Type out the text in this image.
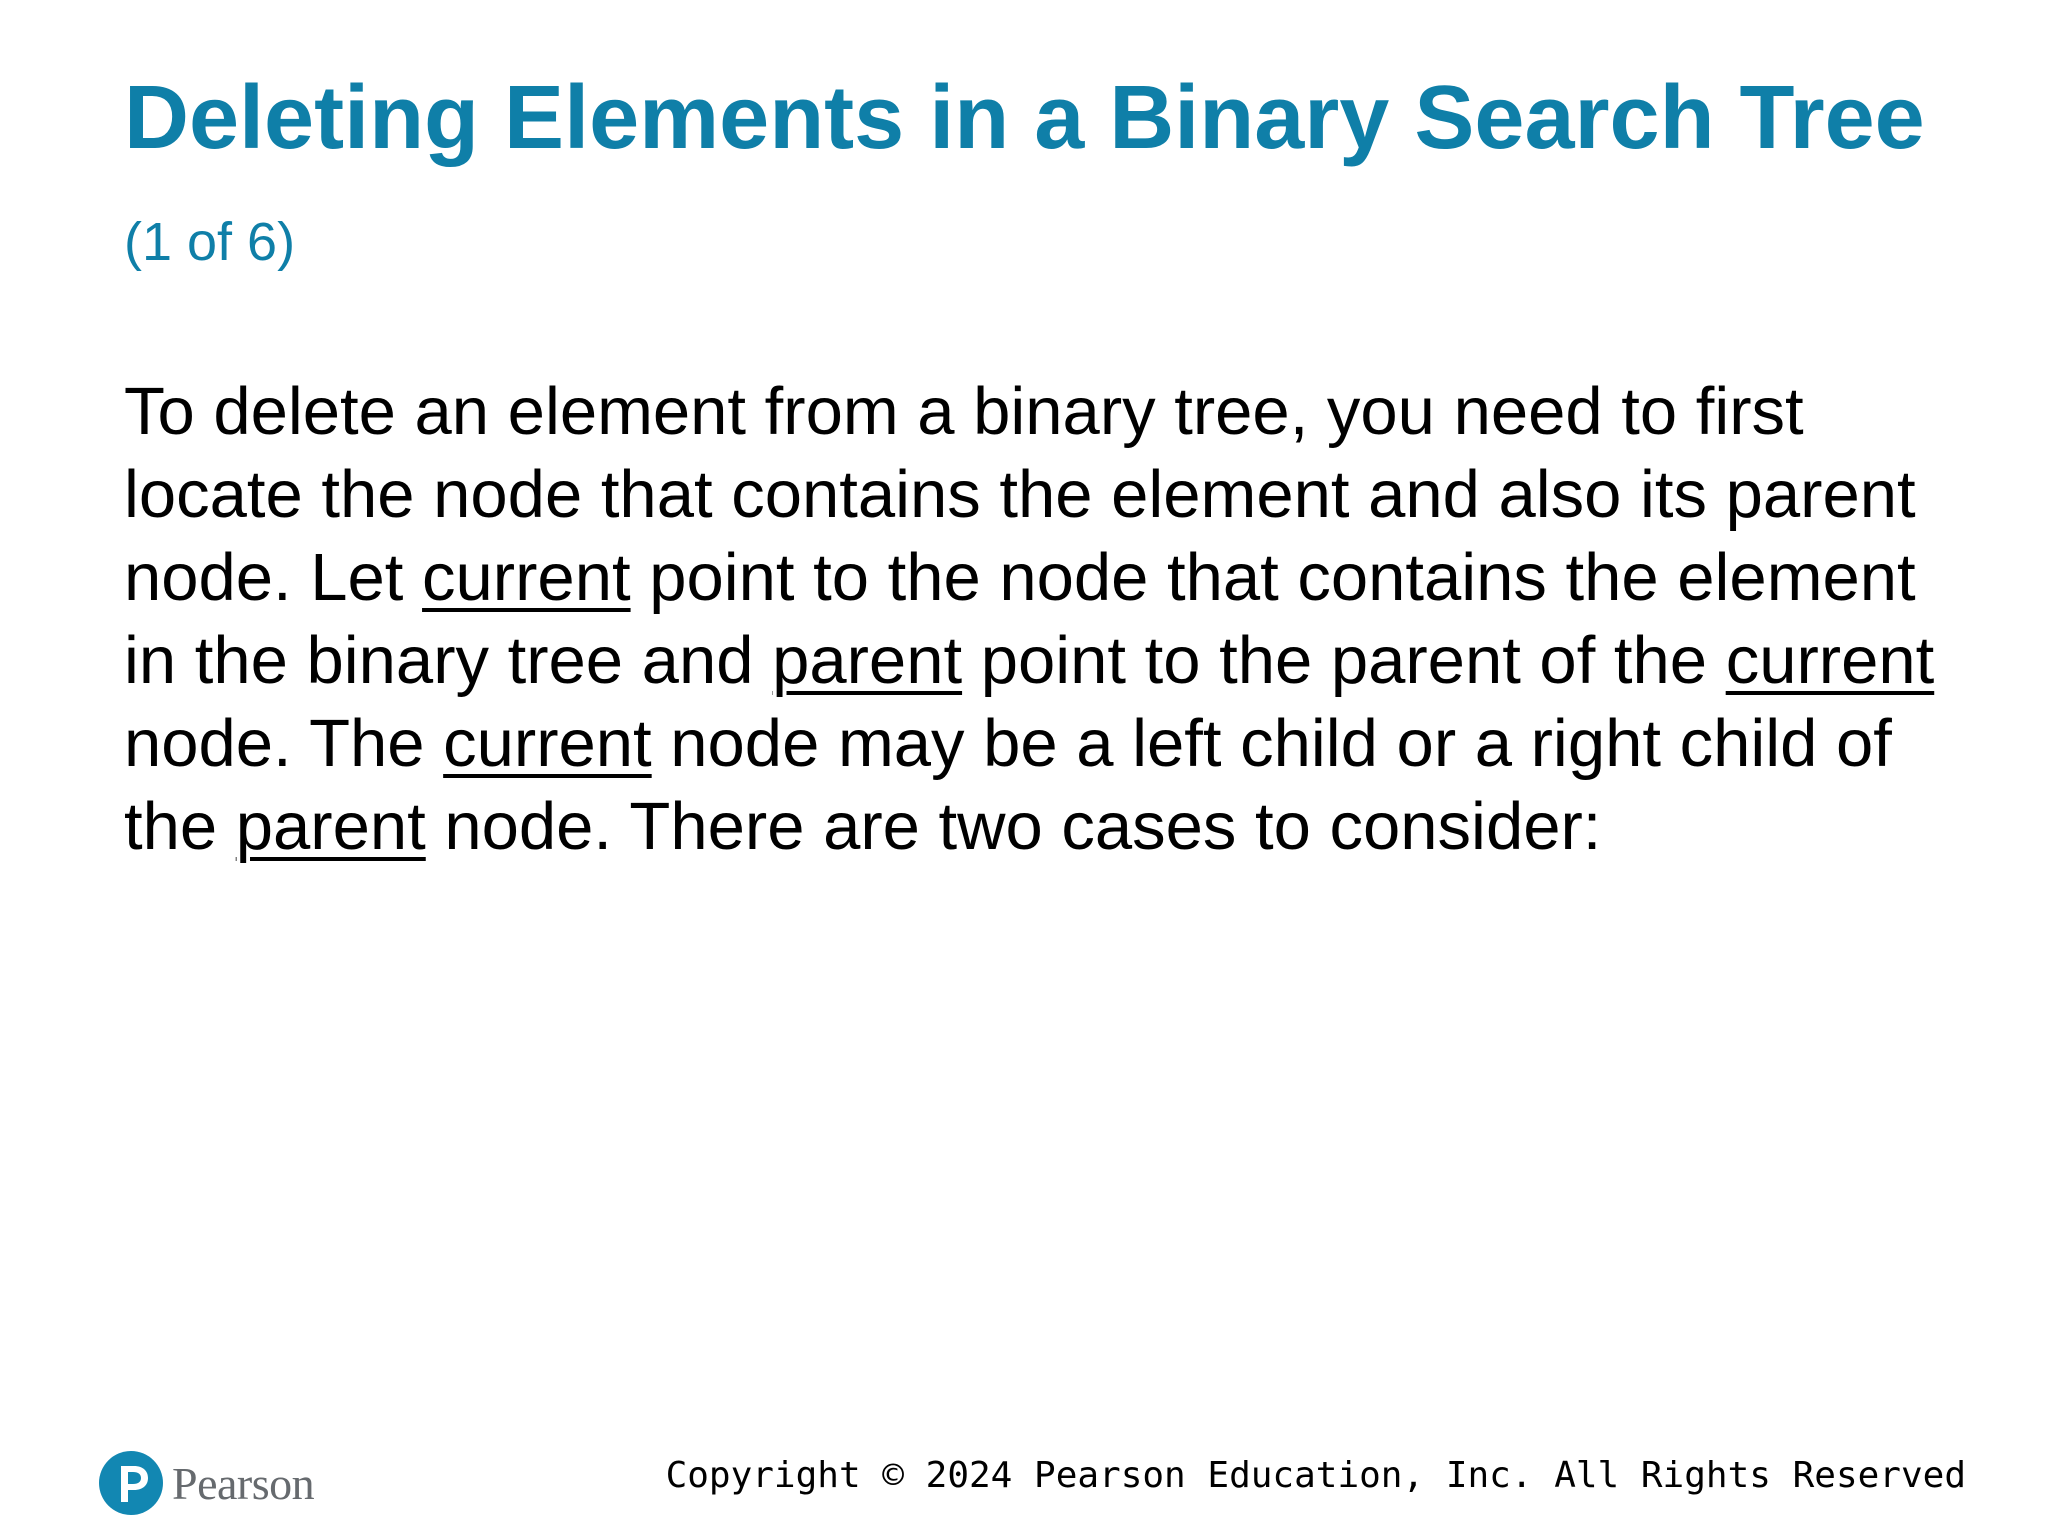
Deleting Elements in a Binary Search Tree (1 of 6)

To delete an element from a binary tree, you need to first locate the node that contains the element and also its parent node. Let current point to the node that contains the element in the binary tree and parent point to the parent of the current node. The current node may be a left child or a right child of the parent node. There are two cases to consider:

Pearson	Copyright © 2024 Pearson Education, Inc. All Rights Reserved
